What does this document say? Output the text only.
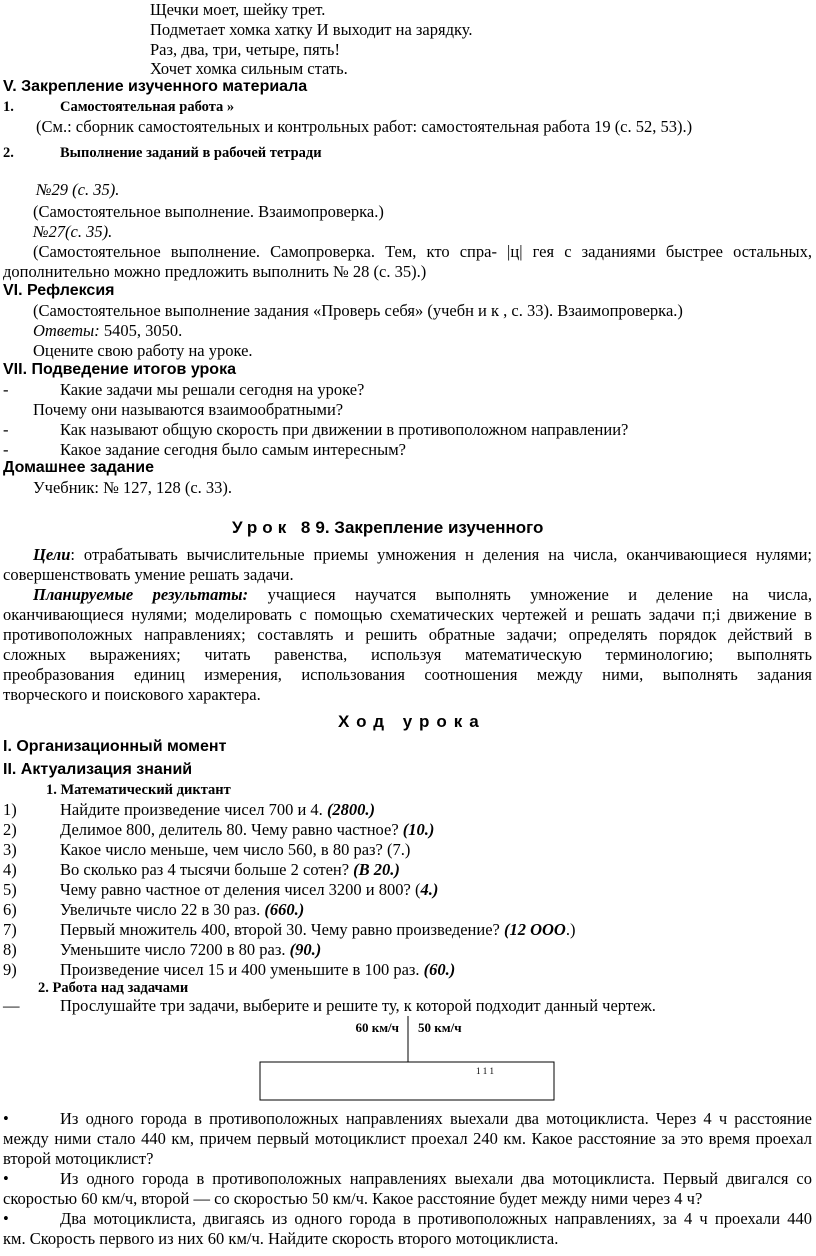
Щечки моет, шейку трет.
Подметает хомка хатку И выходит на зарядку.
Раз, два, три, четыре, пять!
Хочет хомка сильным стать.
V. Закрепление изученного материала
1.	Самостоятельная работа »
(См.: сборник самостоятельных и контрольных работ: самостоятельная работа 19 (с. 52, 53).)
2.	Выполнение заданий в рабочей тетради
№29 (с. 35).
(Самостоятельное выполнение. Взаимопроверка.)
№27(с. 35).
(Самостоятельное выполнение. Самопроверка. Тем, кто спра- |ц| гея с заданиями быстрее остальных,
дополнительно можно предложить выполнить № 28 (с. 35).)
VI. Рефлексия
(Самостоятельное выполнение задания «Проверь себя» (учебн и к , с. 33). Взаимопроверка.)
Ответы: 5405, 3050.
Оцените свою работу на уроке.
VII. Подведение итогов урока
-	Какие задачи мы решали сегодня на уроке?
Почему они называются взаимообратными?
-	Как называют общую скорость при движении в противоположном направлении?
-	Какое задание сегодня было самым интересным?
Домашнее задание
Учебник: № 127, 128 (с. 33).
Урок 89. Закрепление изученного
Цели: отрабатывать вычислительные приемы умножения н деления на числа, оканчивающиеся нулями;
совершенствовать умение решать задачи.
Планируемые результаты: учащиеся научатся выполнять умножение и деление на числа,
оканчивающиеся нулями; моделировать с помощью схематических чертежей и решать задачи п;і движение в
противоположных направлениях; составлять и решить обратные задачи; определять порядок действий в
сложных выражениях; читать равенства, используя математическую терминологию; выполнять
преобразования единиц измерения, использования соотношения между ними, выполнять задания
творческого и поискового характера.
Ход урока
I. Организационный момент
II. Актуализация знаний
1. Математический диктант
1)	Найдите произведение чисел 700 и 4. (2800.)
2)	Делимое 800, делитель 80. Чему равно частное? (10.)
3)	Какое число меньше, чем число 560, в 80 раз? (7.)
4)	Во сколько раз 4 тысячи больше 2 сотен? (В 20.)
5)	Чему равно частное от деления чисел 3200 и 800? (4.)
6)	Увеличьте число 22 в 30 раз. (660.)
7)	Первый множитель 400, второй 30. Чему равно произведение? (12 ООО.)
8)	Уменьшите число 7200 в 80 раз. (90.)
9)	Произведение чисел 15 и 400 уменьшите в 100 раз. (60.)
2. Работа над задачами
— Прослушайте три задачи, выберите и решите ту, к которой подходит данный чертеж.
60 км/ч 50 км/ч
1 1 1
•	Из одного города в противоположных направлениях выехали два мотоциклиста. Через 4 ч расстояние
между ними стало 440 км, причем первый мотоциклист проехал 240 км. Какое расстояние за это время проехал
второй мотоциклист?
•	Из одного города в противоположных направлениях выехали два мотоциклиста. Первый двигался со
скоростью 60 км/ч, второй — со скоростью 50 км/ч. Какое расстояние будет между ними через 4 ч?
•	Два мотоциклиста, двигаясь из одного города в противоположных направлениях, за 4 ч проехали 440
км. Скорость первого из них 60 км/ч. Найдите скорость второго мотоциклиста.
